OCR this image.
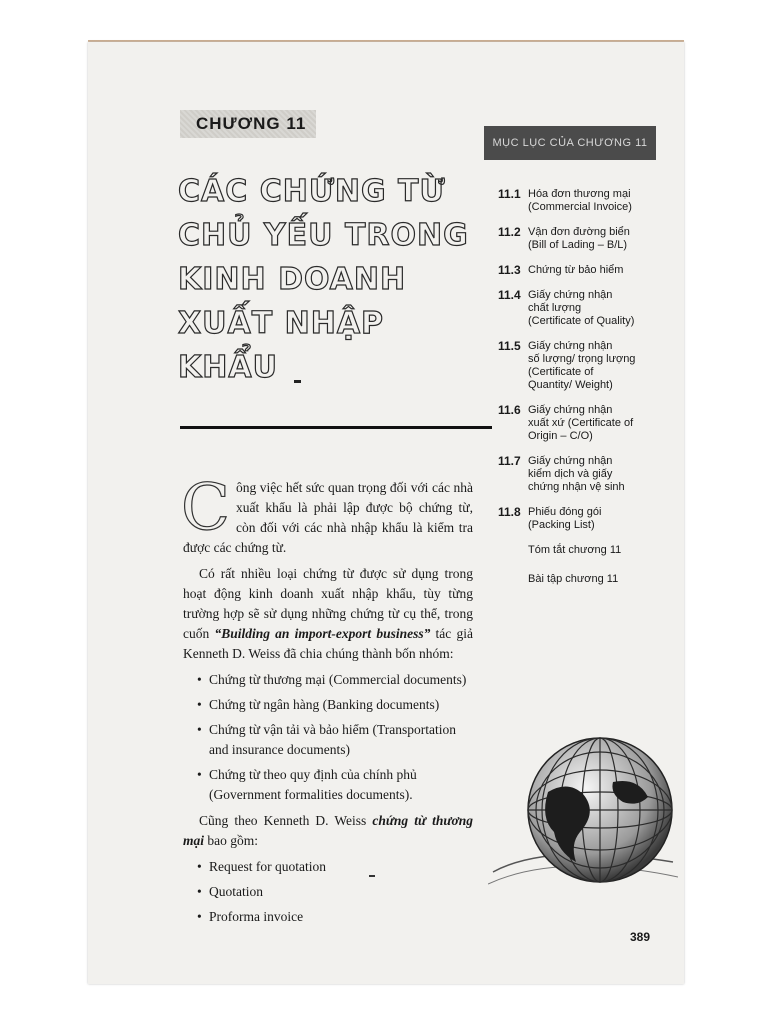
CHƯƠNG 11
CÁC CHỨNG TỪ
CHỦ YẾU TRONG
KINH DOANH
XUẤT NHẬP KHẨU
MỤC LỤC CỦA CHƯƠNG 11
11.1 Hóa đơn thương mại
(Commercial Invoice)
11.2 Vận đơn đường biển
(Bill of Lading – B/L)
11.3 Chứng từ bảo hiểm
11.4 Giấy chứng nhận
chất lượng
(Certificate of Quality)
11.5 Giấy chứng nhận
số lượng/ trọng lượng
(Certificate of
Quantity/ Weight)
11.6 Giấy chứng nhận
xuất xứ (Certificate of
Origin – C/O)
11.7 Giấy chứng nhận
kiểm dịch và giấy
chứng nhận vệ sinh
11.8 Phiếu đóng gói
(Packing List)
Tóm tắt chương 11
Bài tập chương 11

Công việc hết sức quan trọng đối với các nhà xuất khẩu là phải lập được bộ chứng từ, còn đối với các nhà nhập khẩu là kiểm tra được các chứng từ.

Có rất nhiều loại chứng từ được sử dụng trong hoạt động kinh doanh xuất nhập khẩu, tùy từng trường hợp sẽ sử dụng những chứng từ cụ thể, trong cuốn “Building an import-export business” tác giả Kenneth D. Weiss đã chia chúng thành bốn nhóm:

• Chứng từ thương mại (Commercial documents)
• Chứng từ ngân hàng (Banking documents)
• Chứng từ vận tải và bảo hiểm (Transportation and insurance documents)
• Chứng từ theo quy định của chính phủ (Government formalities documents).

Cũng theo Kenneth D. Weiss chứng từ thương mại bao gồm:

• Request for quotation
• Quotation
• Proforma invoice
389
